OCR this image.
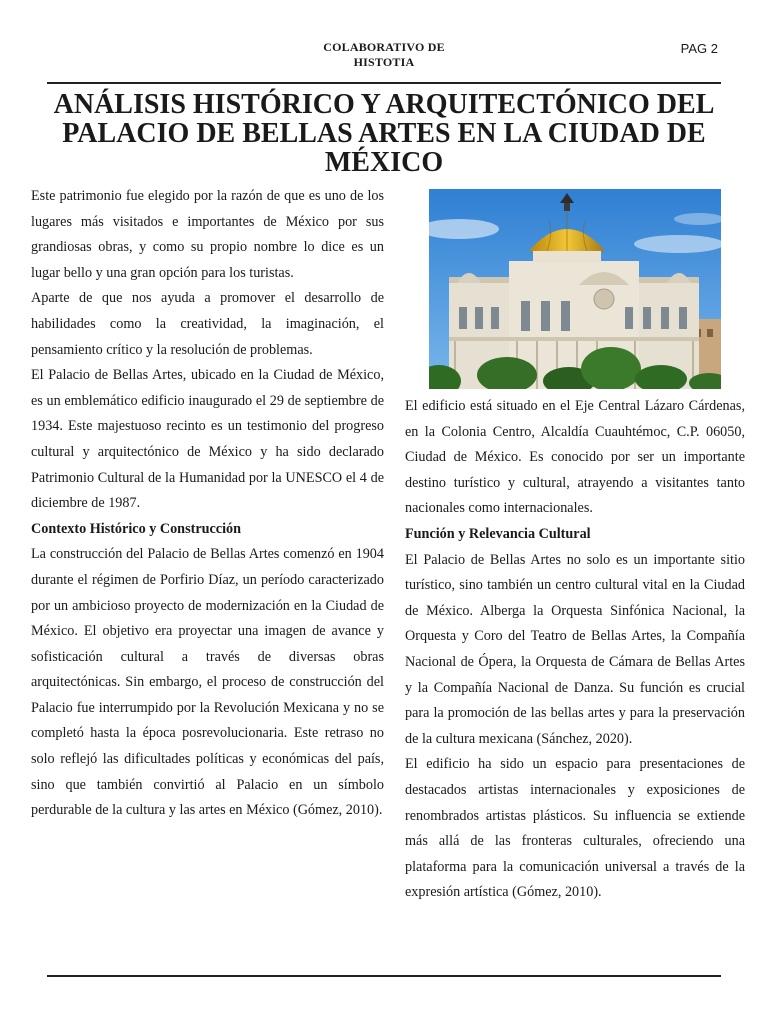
COLABORATIVO DE HISTOTIA
PAG 2
ANÁLISIS HISTÓRICO Y ARQUITECTÓNICO DEL PALACIO DE BELLAS ARTES EN LA CIUDAD DE MÉXICO

Este patrimonio fue elegido por la razón de que es uno de los lugares más visitados e importantes de México por sus grandiosas obras, y como su propio nombre lo dice es un lugar bello y una gran opción para los turistas.

Aparte de que nos ayuda a promover el desarrollo de habilidades como la creatividad, la imaginación, el pensamiento crítico y la resolución de problemas.

El Palacio de Bellas Artes, ubicado en la Ciudad de México, es un emblemático edificio inaugurado el 29 de septiembre de 1934. Este majestuoso recinto es un testimonio del progreso cultural y arquitectónico de México y ha sido declarado Patrimonio Cultural de la Humanidad por la UNESCO el 4 de diciembre de 1987.

Contexto Histórico y Construcción

La construcción del Palacio de Bellas Artes comenzó en 1904 durante el régimen de Porfirio Díaz, un período caracterizado por un ambicioso proyecto de modernización en la Ciudad de México. El objetivo era proyectar una imagen de avance y sofisticación cultural a través de diversas obras arquitectónicas. Sin embargo, el proceso de construcción del Palacio fue interrumpido por la Revolución Mexicana y no se completó hasta la época posrevolucionaria. Este retraso no solo reflejó las dificultades políticas y económicas del país, sino que también convirtió al Palacio en un símbolo perdurable de la cultura y las artes en México (Gómez, 2010).

El edificio está situado en el Eje Central Lázaro Cárdenas, en la Colonia Centro, Alcaldía Cuauhtémoc, C.P. 06050, Ciudad de México. Es conocido por ser un importante destino turístico y cultural, atrayendo a visitantes tanto nacionales como internacionales.

Función y Relevancia Cultural

El Palacio de Bellas Artes no solo es un importante sitio turístico, sino también un centro cultural vital en la Ciudad de México. Alberga la Orquesta Sinfónica Nacional, la Orquesta y Coro del Teatro de Bellas Artes, la Compañía Nacional de Ópera, la Orquesta de Cámara de Bellas Artes y la Compañía Nacional de Danza. Su función es crucial para la promoción de las bellas artes y para la preservación de la cultura mexicana (Sánchez, 2020).

El edificio ha sido un espacio para presentaciones de destacados artistas internacionales y exposiciones de renombrados artistas plásticos. Su influencia se extiende más allá de las fronteras culturales, ofreciendo una plataforma para la comunicación universal a través de la expresión artística (Gómez, 2010).
